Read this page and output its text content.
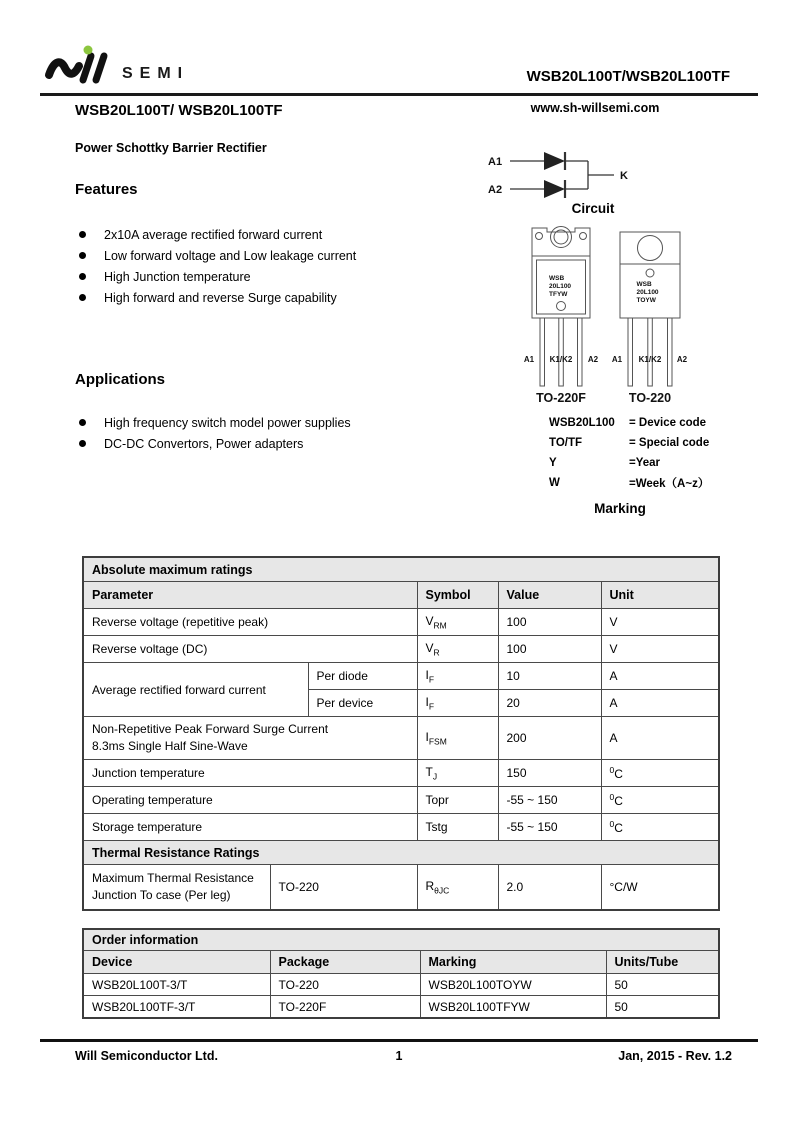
SEMI	WSB20L100T/WSB20L100TF
www.sh-willsemi.com
WSB20L100T/ WSB20L100TF
Power Schottky Barrier Rectifier
Features
2x10A average rectified forward current
Low forward voltage and Low leakage current
High Junction temperature
High forward and reverse Surge capability
Applications
High frequency switch model power supplies
DC-DC Convertors, Power adapters
A1
A2
K
Circuit
WSB
20L100
TFYW
A1 K1/K2 A2
TO-220F
WSB
20L100
TOYW
A1 K1/K2 A2
TO-220
WSB20L100	= Device code
TO/TF	= Special code
Y	=Year
W	=Week（A~z）
Marking
Absolute maximum ratings					
Parameter			Symbol	Value	Unit
Reverse voltage (repetitive peak)			$V_{RM}$	100	V
Reverse voltage (DC)			$V_R$	100	V
Average rectified forward current		Per diode	$I_F$	10	A
		Per device	$I_F$	20	A

Non-Repetitive Peak Forward Surge Current
8.3ms Single Half Sine-Wave			$I_{FSM}$	200	A
Junction temperature			$T_J$	150	$^0$C
Operating temperature			Topr	-55 ~ 150	$^0$C
Storage temperature			Tstg	-55 ~ 150	$^0$C
Thermal Resistance Ratings					

Maximum Thermal Resistance
Junction To case (Per leg)	TO-220		$R_{\theta JC}$	2.0	°C/W
Order information			
Device	Package	Marking	Units/Tube
WSB20L100T-3/T	TO-220	WSB20L100TOYW	50
WSB20L100TF-3/T	TO-220F	WSB20L100TFYW	50
1
Will Semiconductor Ltd.	Jan, 2015 - Rev. 1.2
